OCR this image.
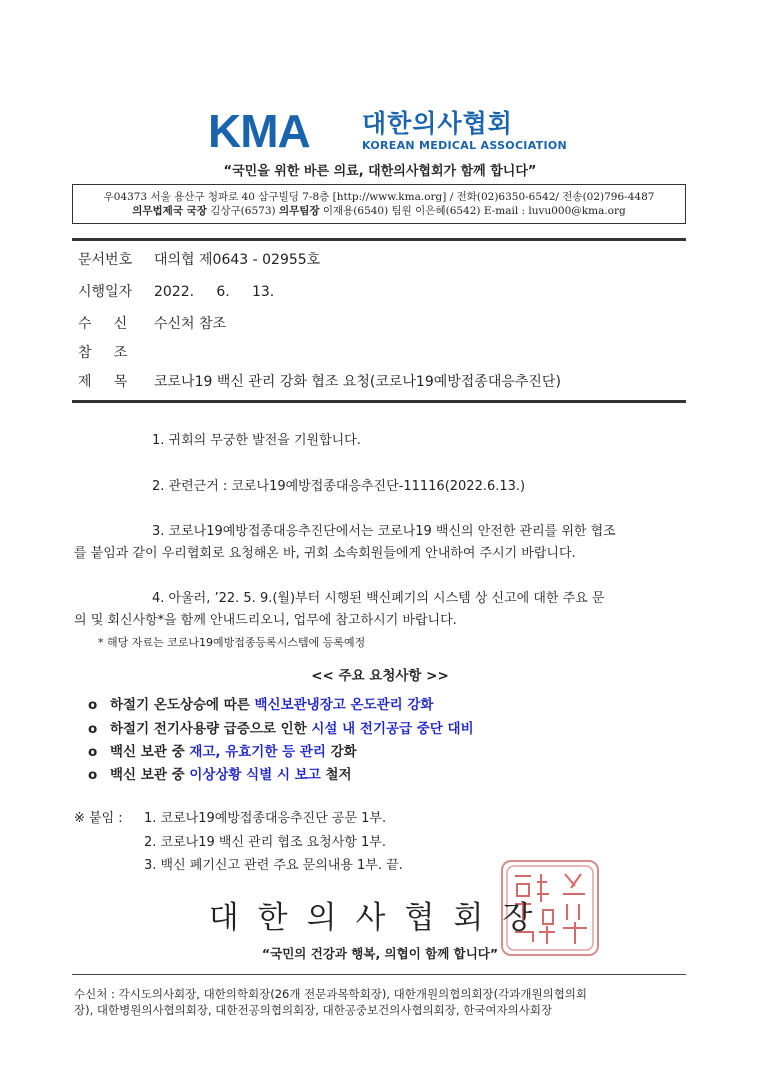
KMA 대한의사협회
KOREAN MEDICAL ASSOCIATION
“국민을 위한 바른 의료, 대한의사협회가 함께 합니다”
우04373 서울 용산구 청파로 40 삼구빌딩 7-8층 [http://www.kma.org] / 전화(02)6350-6542/ 전송(02)796-4487
의무법제국 국장 김상구(6573) 의무팀장 이재용(6540) 팀원 이은혜(6542) E-mail : luvu000@kma.org
문서번호 대의협 제0643 - 02955호
시행일자 2022.     6.     13.
수     신 수신처 참조
참     조
제     목 코로나19 백신 관리 강화 협조 요청(코로나19예방접종대응추진단)
1. 귀회의 무궁한 발전을 기원합니다.
2. 관련근거 : 코로나19예방접종대응추진단-11116(2022.6.13.)
3. 코로나19예방접종대응추진단에서는 코로나19 백신의 안전한 관리를 위한 협조
를 붙임과 같이 우리협회로 요청해온 바, 귀회 소속회원들에게 안내하여 주시기 바랍니다.
4. 아울러, ’22. 5. 9.(월)부터 시행된 백신폐기의 시스템 상 신고에 대한 주요 문
의 및 회신사항*을 함께 안내드리오니, 업무에 참고하시기 바랍니다.
* 해당 자료는 코로나19예방접종등록시스템에 등록예정
<< 주요 요청사항 >>
o 하절기 온도상승에 따른 백신보관냉장고 온도관리 강화
o 하절기 전기사용량 급증으로 인한 시설 내 전기공급 중단 대비
o 백신 보관 중 재고, 유효기한 등 관리 강화
o 백신 보관 중 이상상황 식별 시 보고 철저
※ 붙임 : 1. 코로나19예방접종대응추진단 공문 1부.
2. 코로나19 백신 관리 협조 요청사항 1부.
3. 백신 폐기신고 관련 주요 문의내용 1부. 끝.
대한의사협회장
“국민의 건강과 행복, 의협이 함께 합니다”
수신처 : 각시도의사회장, 대한의학회장(26개 전문과목학회장), 대한개원의협의회장(각과개원의협의회
장), 대한병원의사협의회장, 대한전공의협의회장, 대한공중보건의사협의회장, 한국여자의사회장
